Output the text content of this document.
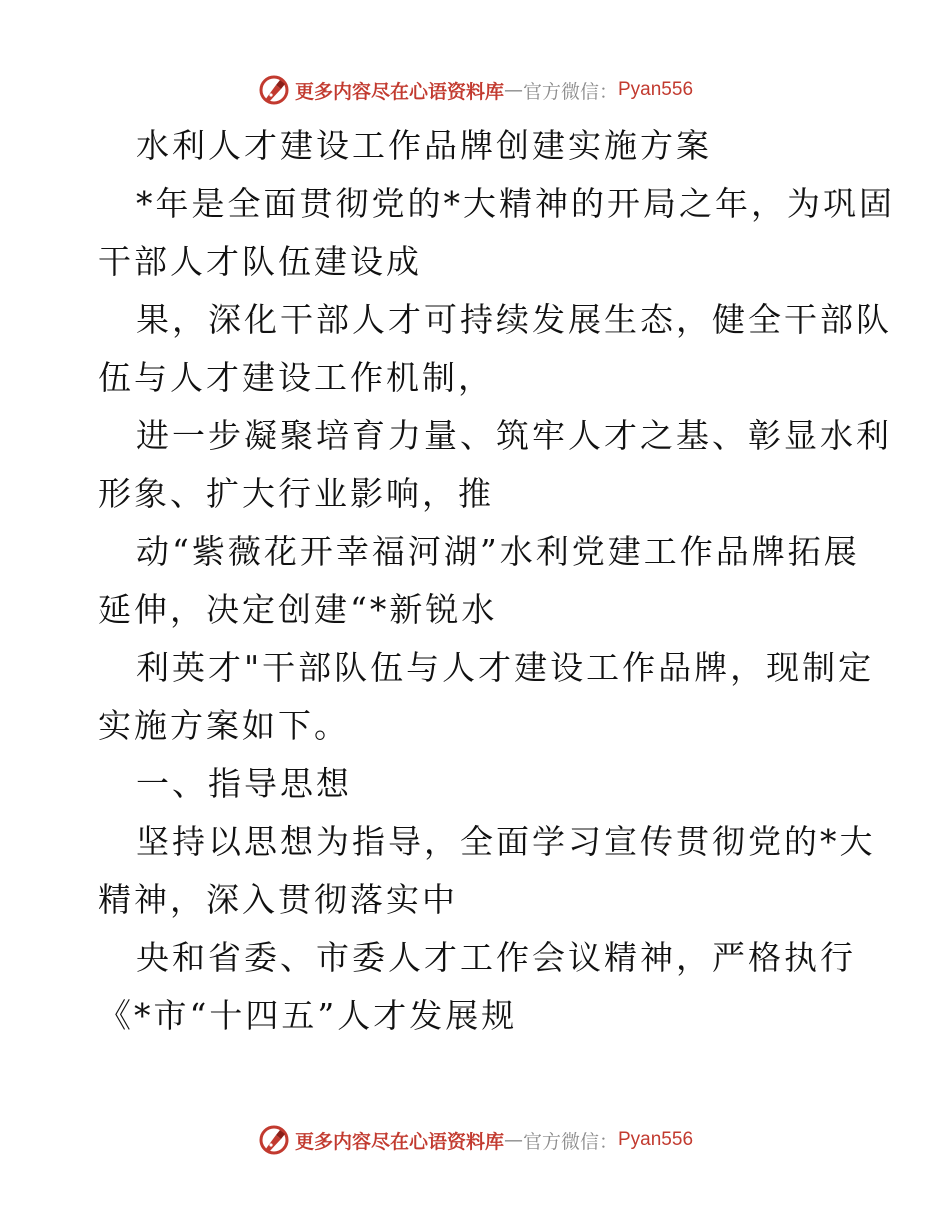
更多内容尽在心语资料库 — 官方微信： Pyan556
水利人才建设工作品牌创建实施方案
*年是全面贯彻党的*大精神的开局之年，为巩固
干部人才队伍建设成
果，深化干部人才可持续发展生态，健全干部队
伍与人才建设工作机制，
进一步凝聚培育力量、筑牢人才之基、彰显水利
形象、扩大行业影响，推
动“紫薇花开幸福河湖”水利党建工作品牌拓展
延伸，决定创建“*新锐水
利英才"干部队伍与人才建设工作品牌，现制定
实施方案如下。
一、指导思想
坚持以思想为指导，全面学习宣传贯彻党的*大
精神，深入贯彻落实中
央和省委、市委人才工作会议精神，严格执行
《*市“十四五”人才发展规
更多内容尽在心语资料库 — 官方微信： Pyan556
